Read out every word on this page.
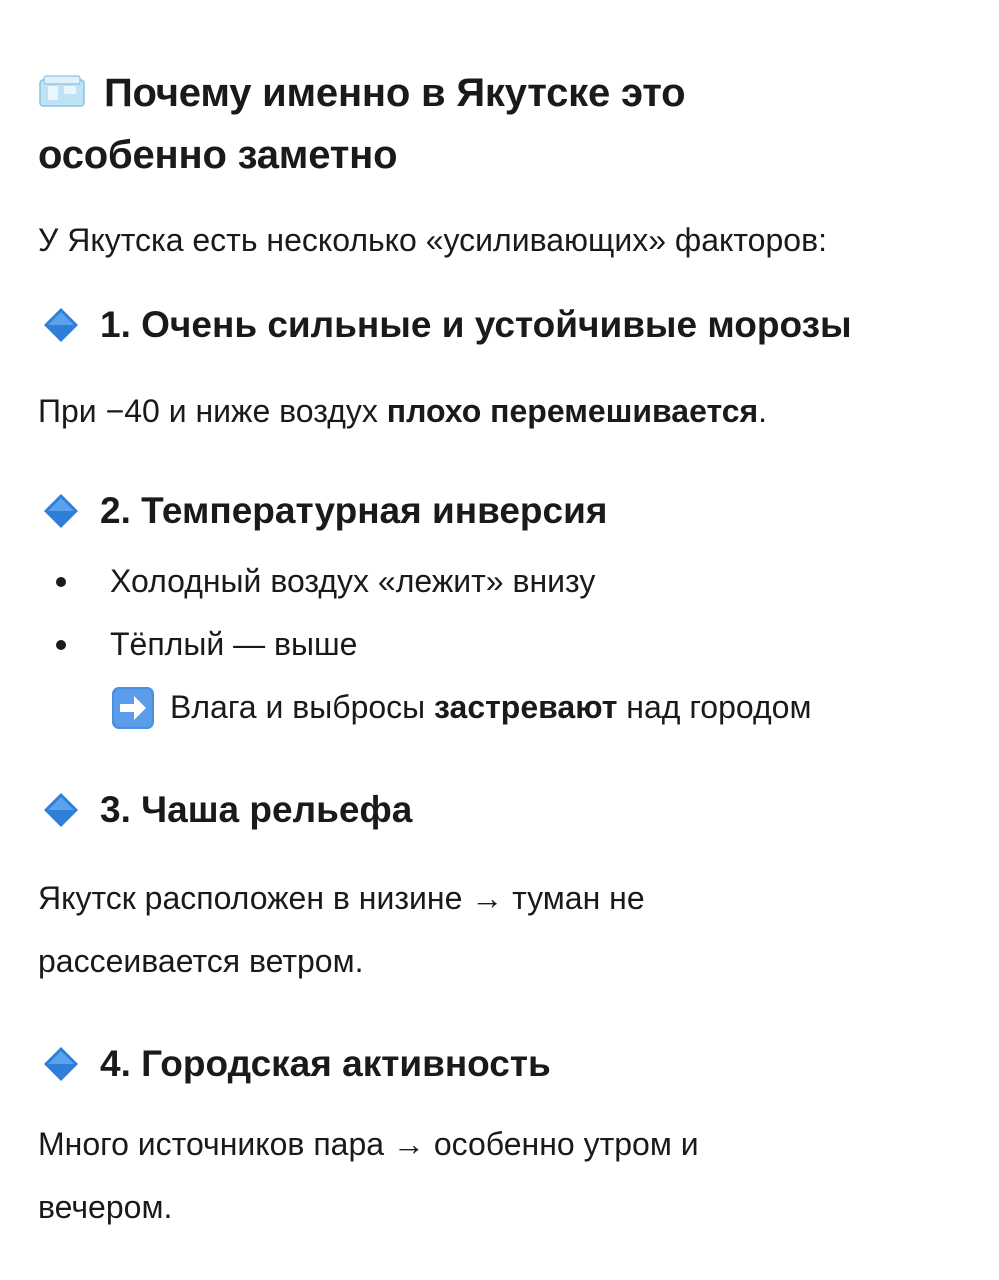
Почему именно в Якутске это
особенно заметно

У Якутска есть несколько «усиливающих» факторов:

1. Очень сильные и устойчивые морозы

При −40 и ниже воздух плохо перемешивается.

2. Температурная инверсия
Холодный воздух «лежит» внизу
Тёплый — выше
Влага и выбросы застревают над городом
3. Чаша рельефа

Якутск расположен в низине → туман не
рассеивается ветром.

4. Городская активность

Много источников пара → особенно утром и
вечером.
